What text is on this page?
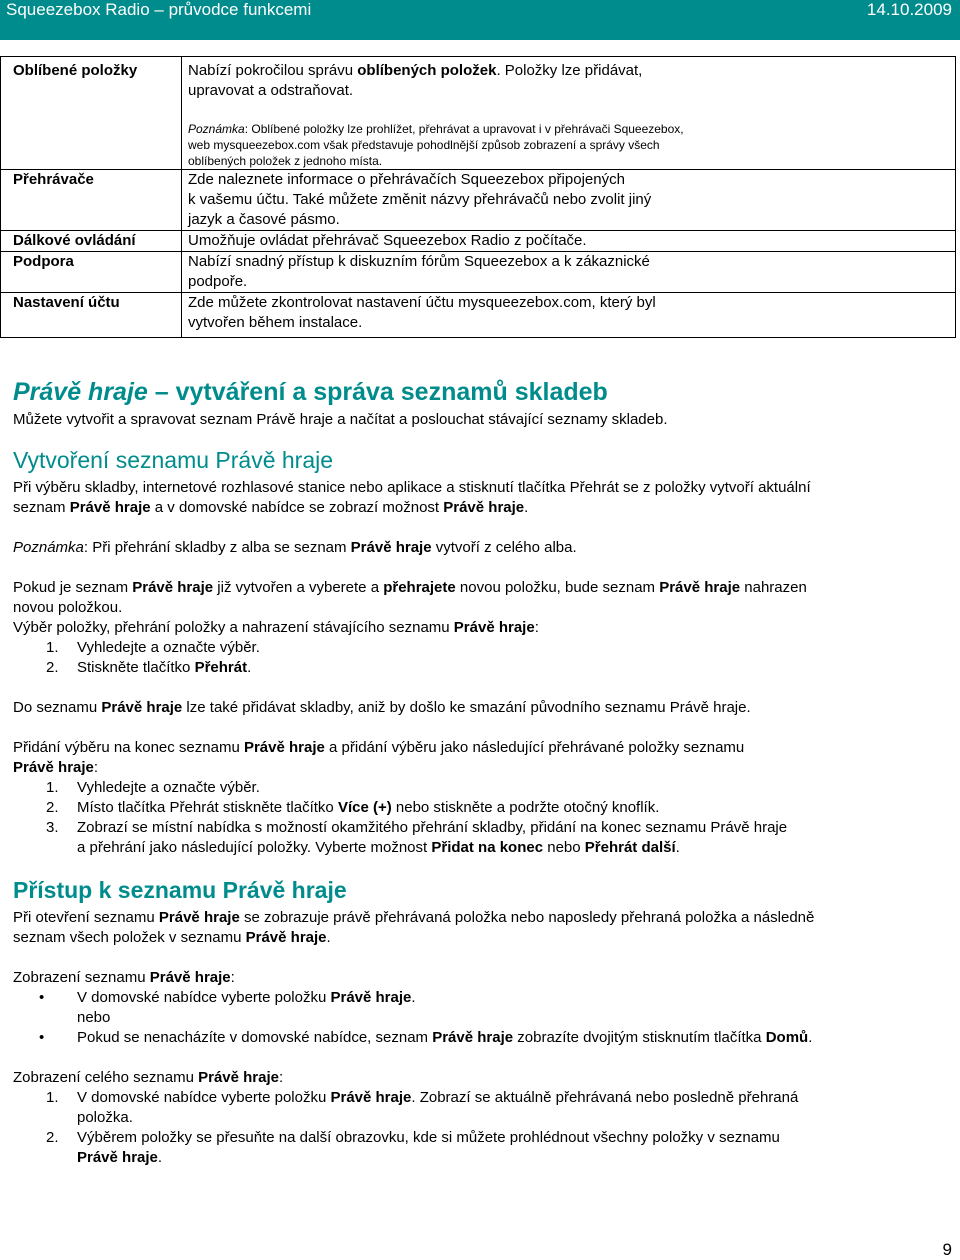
Squeezebox Radio – průvodce funkcemi	14.10.2009

Oblíbené položky	Nabízí pokročilou správu oblíbených položek. Položky lze přidávat,

upravovat a odstraňovat.

Poznámka: Oblíbené položky lze prohlížet, přehrávat a upravovat i v přehrávači Squeezebox,

web mysqueezebox.com však představuje pohodlnější způsob zobrazení a správy všech

oblíbených položek z jednoho místa.

Přehrávače	Zde naleznete informace o přehrávačích Squeezebox připojených

k vašemu účtu. Také můžete změnit názvy přehrávačů nebo zvolit jiný

jazyk a časové pásmo.

Dálkové ovládání	Umožňuje ovládat přehrávač Squeezebox Radio z počítače.

Podpora	Nabízí snadný přístup k diskuzním fórům Squeezebox a k zákaznické

podpoře.

Nastavení účtu	Zde můžete zkontrolovat nastavení účtu mysqueezebox.com, který byl

vytvořen během instalace.

Právě hraje – vytváření a správa seznamů skladeb

Můžete vytvořit a spravovat seznam Právě hraje a načítat a poslouchat stávající seznamy skladeb.

Vytvoření seznamu Právě hraje

Při výběru skladby, internetové rozhlasové stanice nebo aplikace a stisknutí tlačítka Přehrát se z položky vytvoří aktuální

seznam Právě hraje a v domovské nabídce se zobrazí možnost Právě hraje.

Poznámka: Při přehrání skladby z alba se seznam Právě hraje vytvoří z celého alba.

Pokud je seznam Právě hraje již vytvořen a vyberete a přehrajete novou položku, bude seznam Právě hraje nahrazen

novou položkou.

Výběr položky, přehrání položky a nahrazení stávajícího seznamu Právě hraje:

1. Vyhledejte a označte výběr.

2. Stiskněte tlačítko Přehrát.

Do seznamu Právě hraje lze také přidávat skladby, aniž by došlo ke smazání původního seznamu Právě hraje.

Přidání výběru na konec seznamu Právě hraje a přidání výběru jako následující přehrávané položky seznamu

Právě hraje:

1. Vyhledejte a označte výběr.

2. Místo tlačítka Přehrát stiskněte tlačítko Více (+) nebo stiskněte a podržte otočný knoflík.

3. Zobrazí se místní nabídka s možností okamžitého přehrání skladby, přidání na konec seznamu Právě hraje

a přehrání jako následující položky. Vyberte možnost Přidat na konec nebo Přehrát další.

Přístup k seznamu Právě hraje

Při otevření seznamu Právě hraje se zobrazuje právě přehrávaná položka nebo naposledy přehraná položka a následně

seznam všech položek v seznamu Právě hraje.

Zobrazení seznamu Právě hraje:

• V domovské nabídce vyberte položku Právě hraje.

nebo

• Pokud se nenacházíte v domovské nabídce, seznam Právě hraje zobrazíte dvojitým stisknutím tlačítka Domů.

Zobrazení celého seznamu Právě hraje:

1. V domovské nabídce vyberte položku Právě hraje. Zobrazí se aktuálně přehrávaná nebo posledně přehraná

položka.

2. Výběrem položky se přesuňte na další obrazovku, kde si můžete prohlédnout všechny položky v seznamu

Právě hraje.

9
